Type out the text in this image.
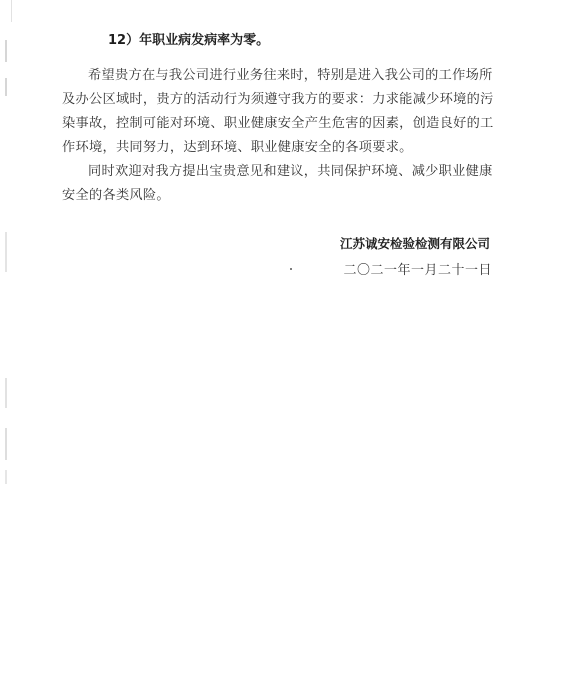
12）年职业病发病率为零。

希望贵方在与我公司进行业务往来时，特别是进入我公司的工作场所
及办公区域时，贵方的活动行为须遵守我方的要求：力求能减少环境的污
染事故，控制可能对环境、职业健康安全产生危害的因素，创造良好的工
作环境，共同努力，达到环境、职业健康安全的各项要求。
同时欢迎对我方提出宝贵意见和建议，共同保护环境、减少职业健康
安全的各类风险。

江苏诚安检验检测有限公司

二〇二一年一月二十一日
